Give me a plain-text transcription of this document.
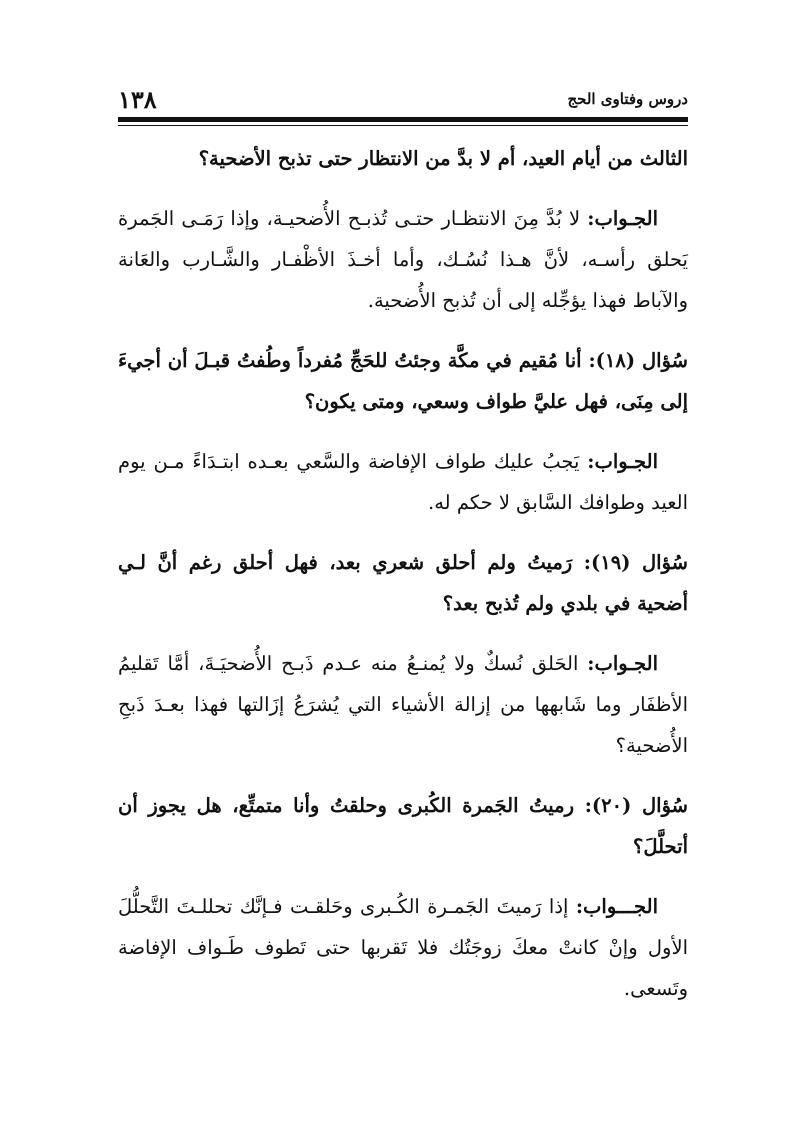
دروس وفتاوى الحج
١٣٨

الثالث من أيام العيد، أم لا بدَّ من الانتظار حتى تذبح الأضحية؟

الجـواب: لا بُدَّ مِنَ الانتظـار حتـى تُذبـح الأُضحيـة، وإذا رَمَـى الجَمرة يَحلق رأسـه، لأنَّ هـذا نُسُـك، وأما أخـذَ الأظْفـار والشَّـارب والعَانة والآباط فهذا يؤجِّله إلى أن تُذبح الأُضحية.

سُؤال (١٨): أنا مُقيم في مكَّة وجئتُ للحَجِّ مُفرداً وطُفتُ قبـلَ أن أجيءَ إلى مِنَى، فهل عليَّ طواف وسعي، ومتى يكون؟

الجـواب: يَجبُ عليك طواف الإفاضة والسَّعي بعـده ابتـدَاءً مـن يوم العيد وطوافك السَّابق لا حكم له.

سُؤال (١٩): رَميتُ ولم أحلق شعري بعد، فهل أحلق رغم أنَّ لـي أضحية في بلدي ولم تُذبح بعد؟

الجـواب: الحَلق نُسكٌ ولا يُمنـعُ منه عـدم ذَبـح الأُضحيَـةَ، أمَّا تَقليمُ الأظفَار وما شَابهها من إزالة الأشياء التي يُشرَعُ إزَالتها فهذا بعـدَ ذَبحِ الأُضحية؟

سُؤال (٢٠): رميتُ الجَمرة الكُبرى وحلقتُ وأنا متمتِّع، هل يجوز أن أتحلَّلَ؟

الجـــواب: إذا رَميتَ الجَمـرة الكُـبرى وحَلقـت فـإنَّك تحللـتَ التَّحلُّلَ الأول وإنْ كانتْ معكَ زوجَتُك فلا تَقربها حتى تَطوف طَـواف الإفاضة وتَسعى.
